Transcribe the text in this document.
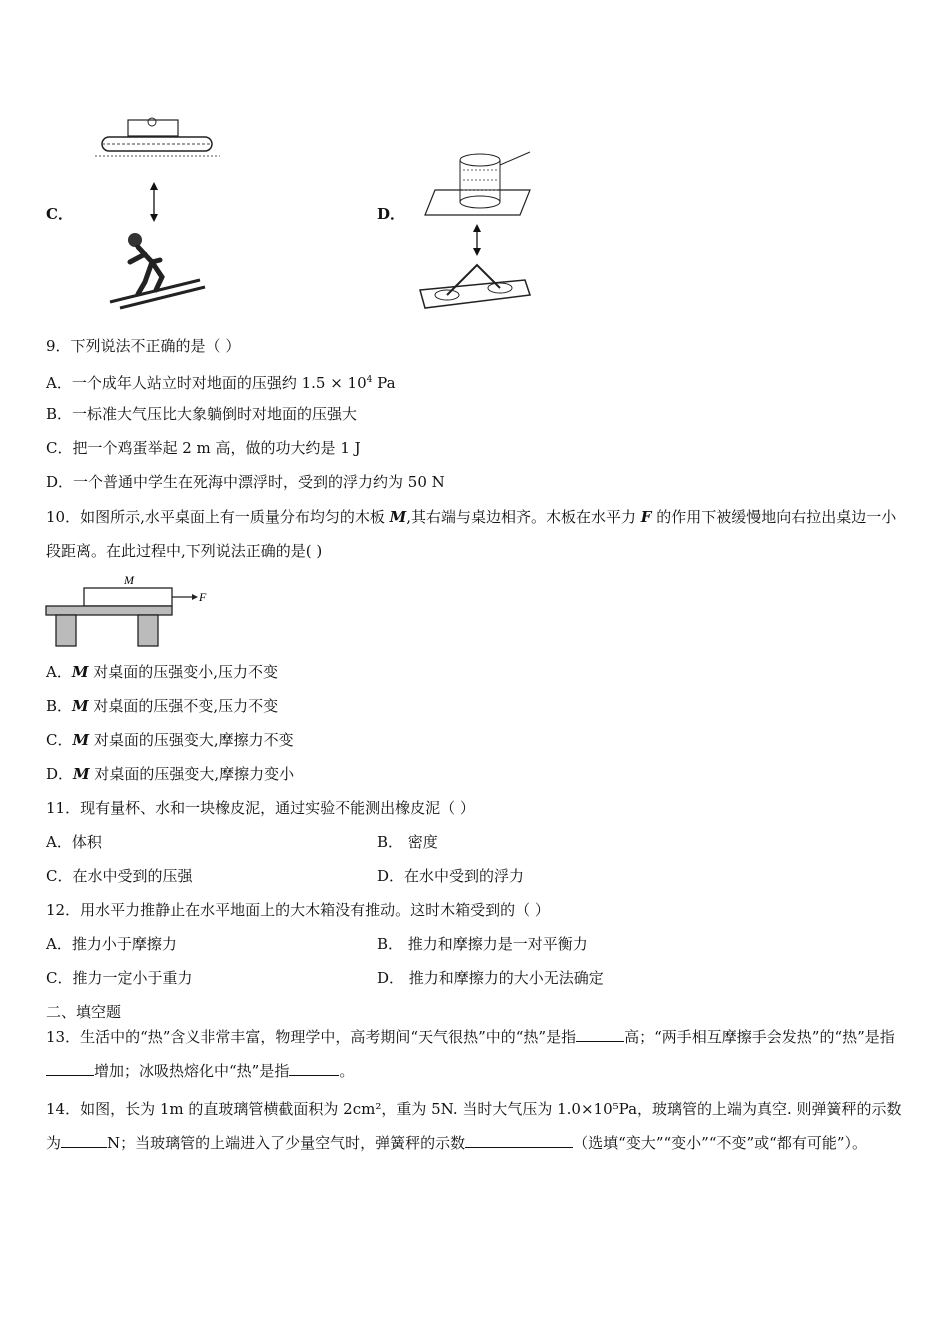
C．	D．
9．下列说法不正确的是（ ）
A．一个成年人站立时对地面的压强约 $1.5 \times 10^4$ Pa
B．一标准大气压比大象躺倒时对地面的压强大
C．把一个鸡蛋举起 2 m 高，做的功大约是 1 J
D．一个普通中学生在死海中漂浮时，受到的浮力约为 50 N
10．如图所示,水平桌面上有一质量分布均匀的木板 M,其右端与桌边相齐。木板在水平力 F 的作用下被缓慢地向右拉出桌边一小段距离。在此过程中,下列说法正确的是( )
M
F
A．M 对桌面的压强变小,压力不变
B．M 对桌面的压强不变,压力不变
C．M 对桌面的压强变大,摩擦力不变
D．M 对桌面的压强变大,摩擦力变小
11．现有量杯、水和一块橡皮泥，通过实验不能测出橡皮泥（ ）
A．体积	B． 密度
C．在水中受到的压强	D．在水中受到的浮力
12．用水平力推静止在水平地面上的大木箱没有推动。这时木箱受到的（ ）
A．推力小于摩擦力	B． 推力和摩擦力是一对平衡力
C．推力一定小于重力	D． 推力和摩擦力的大小无法确定
二、填空题
13．生活中的“热”含义非常丰富，物理学中，高考期间“天气很热”中的“热”是指	高；“两手相互摩擦手会发热”的“热”是指增加；冰吸热熔化中“热”是指	。
14．如图，长为 1m 的直玻璃管横截面积为 2cm²，重为 5N. 当时大气压为 1.0×10⁵Pa，玻璃管的上端为真空. 则弹簧秤的示数为	N；当玻璃管的上端进入了少量空气时，弹簧秤的示数	（选填“变大”“变小”“不变”或“都有可能”）。
